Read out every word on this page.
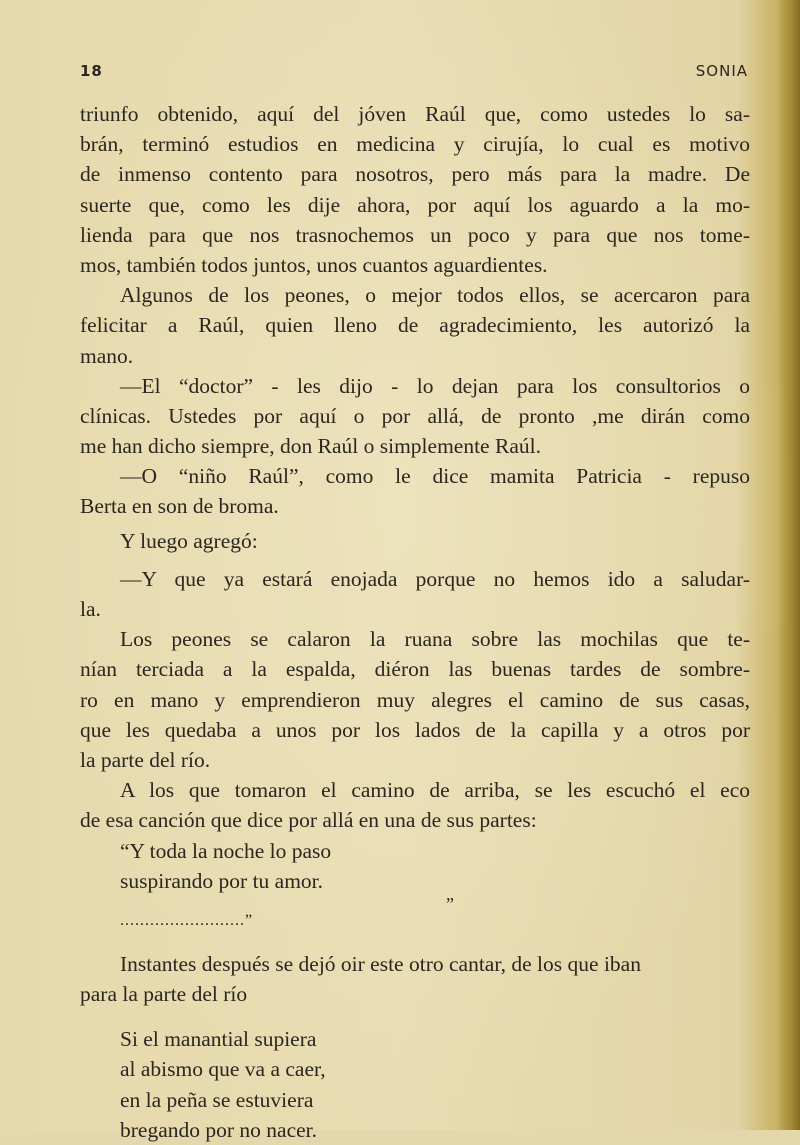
18	SONIA
triunfo obtenido, aquí del jóven Raúl que, como ustedes lo sa-
brán, terminó estudios en medicina y cirujía, lo cual es motivo
de inmenso contento para nosotros, pero más para la madre. De
suerte que, como les dije ahora, por aquí los aguardo a la mo-
lienda para que nos trasnochemos un poco y para que nos tome-
mos, también todos juntos, unos cuantos aguardientes.
Algunos de los peones, o mejor todos ellos, se acercaron para
felicitar a Raúl, quien lleno de agradecimiento, les autorizó la
mano.
—El “doctor” - les dijo - lo dejan para los consultorios o
clínicas. Ustedes por aquí o por allá, de pronto ,me dirán como
me han dicho siempre, don Raúl o simplemente Raúl.
—O “niño Raúl”, como le dice mamita Patricia - repuso
Berta en son de broma.
Y luego agregó:
—Y que ya estará enojada porque no hemos ido a saludar-
la.
Los peones se calaron la ruana sobre las mochilas que te-
nían terciada a la espalda, diéron las buenas tardes de sombre-
ro en mano y emprendieron muy alegres el camino de sus casas,
que les quedaba a unos por los lados de la capilla y a otros por
la parte del río.
A los que tomaron el camino de arriba, se les escuchó el eco
de esa canción que dice por allá en una de sus partes:
“Y toda la noche lo paso
suspirando por tu amor.
”
.........................”
Instantes después se dejó oir este otro cantar, de los que iban
para la parte del río
Si el manantial supiera
al abismo que va a caer,
en la peña se estuviera
bregando por no nacer.
